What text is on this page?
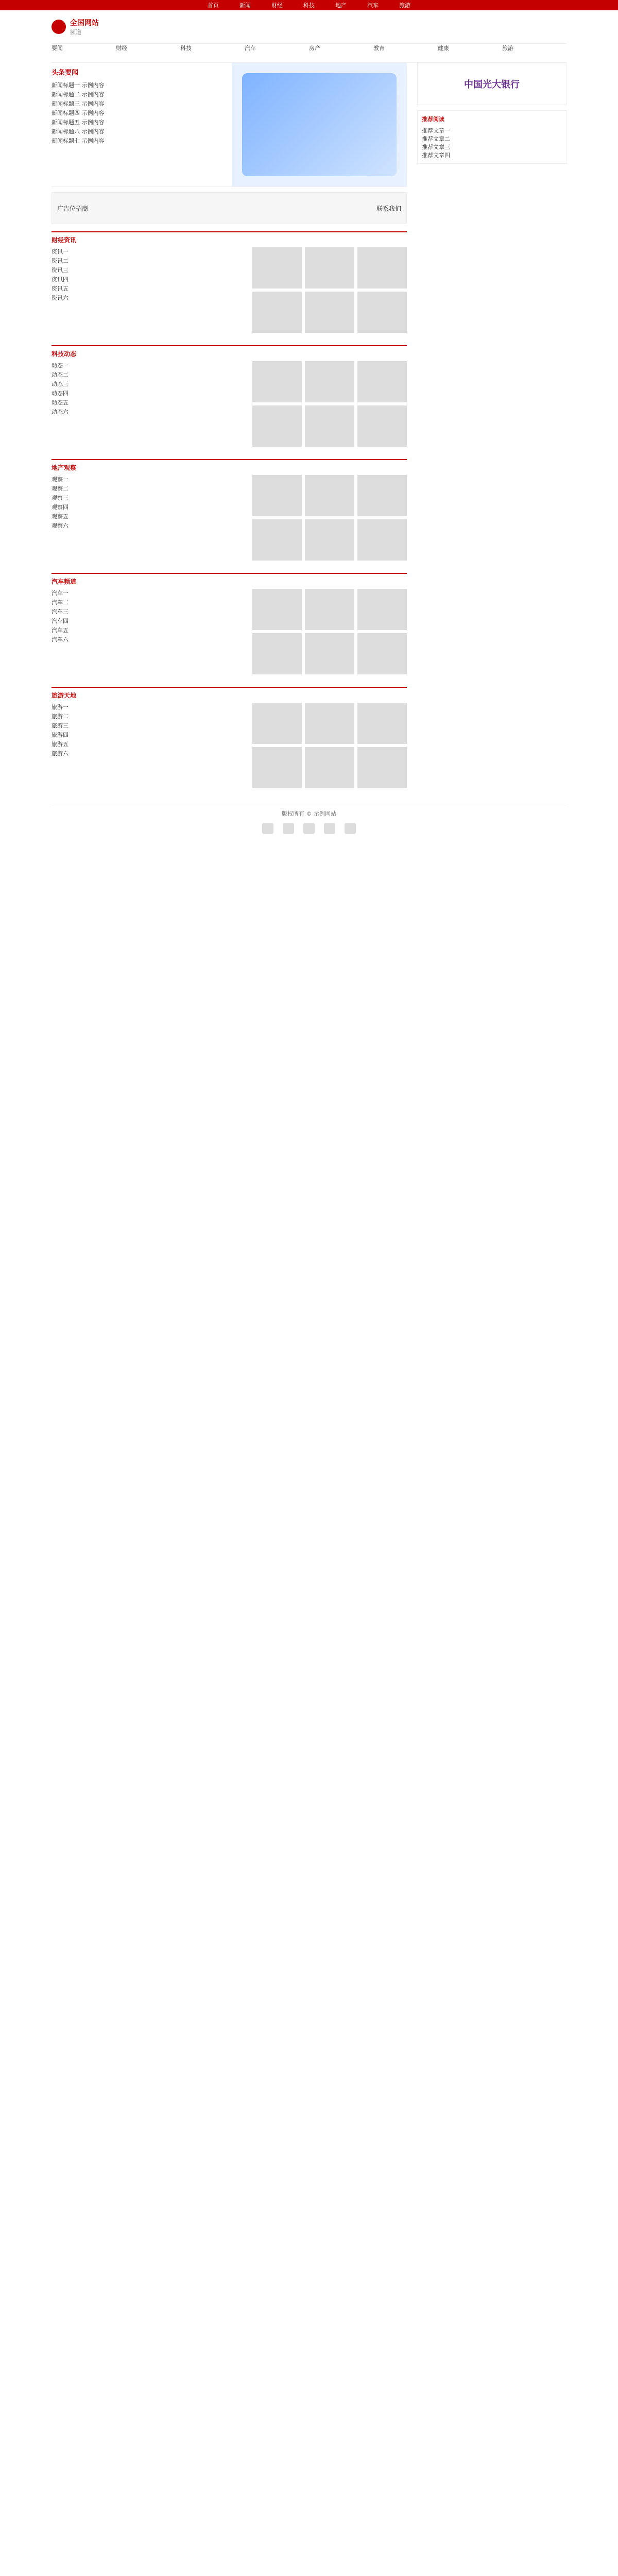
首页	新闻	财经	科技	地产	汽车	旅游
全国网站
频道
要闻	财经	科技	汽车	房产	教育	健康	旅游
头条要闻
新闻标题一 示例内容
新闻标题二 示例内容
新闻标题三 示例内容
新闻标题四 示例内容
新闻标题五 示例内容
新闻标题六 示例内容
新闻标题七 示例内容
广告位招商	联系我们
财经资讯
资讯一
资讯二
资讯三
资讯四
资讯五
资讯六
科技动态
动态一
动态二
动态三
动态四
动态五
动态六
地产观察
观察一
观察二
观察三
观察四
观察五
观察六
汽车频道
汽车一
汽车二
汽车三
汽车四
汽车五
汽车六
旅游天地
旅游一
旅游二
旅游三
旅游四
旅游五
旅游六
中国光大银行
推荐阅读
推荐文章一
推荐文章二
推荐文章三
推荐文章四
版权所有 © 示例网站
